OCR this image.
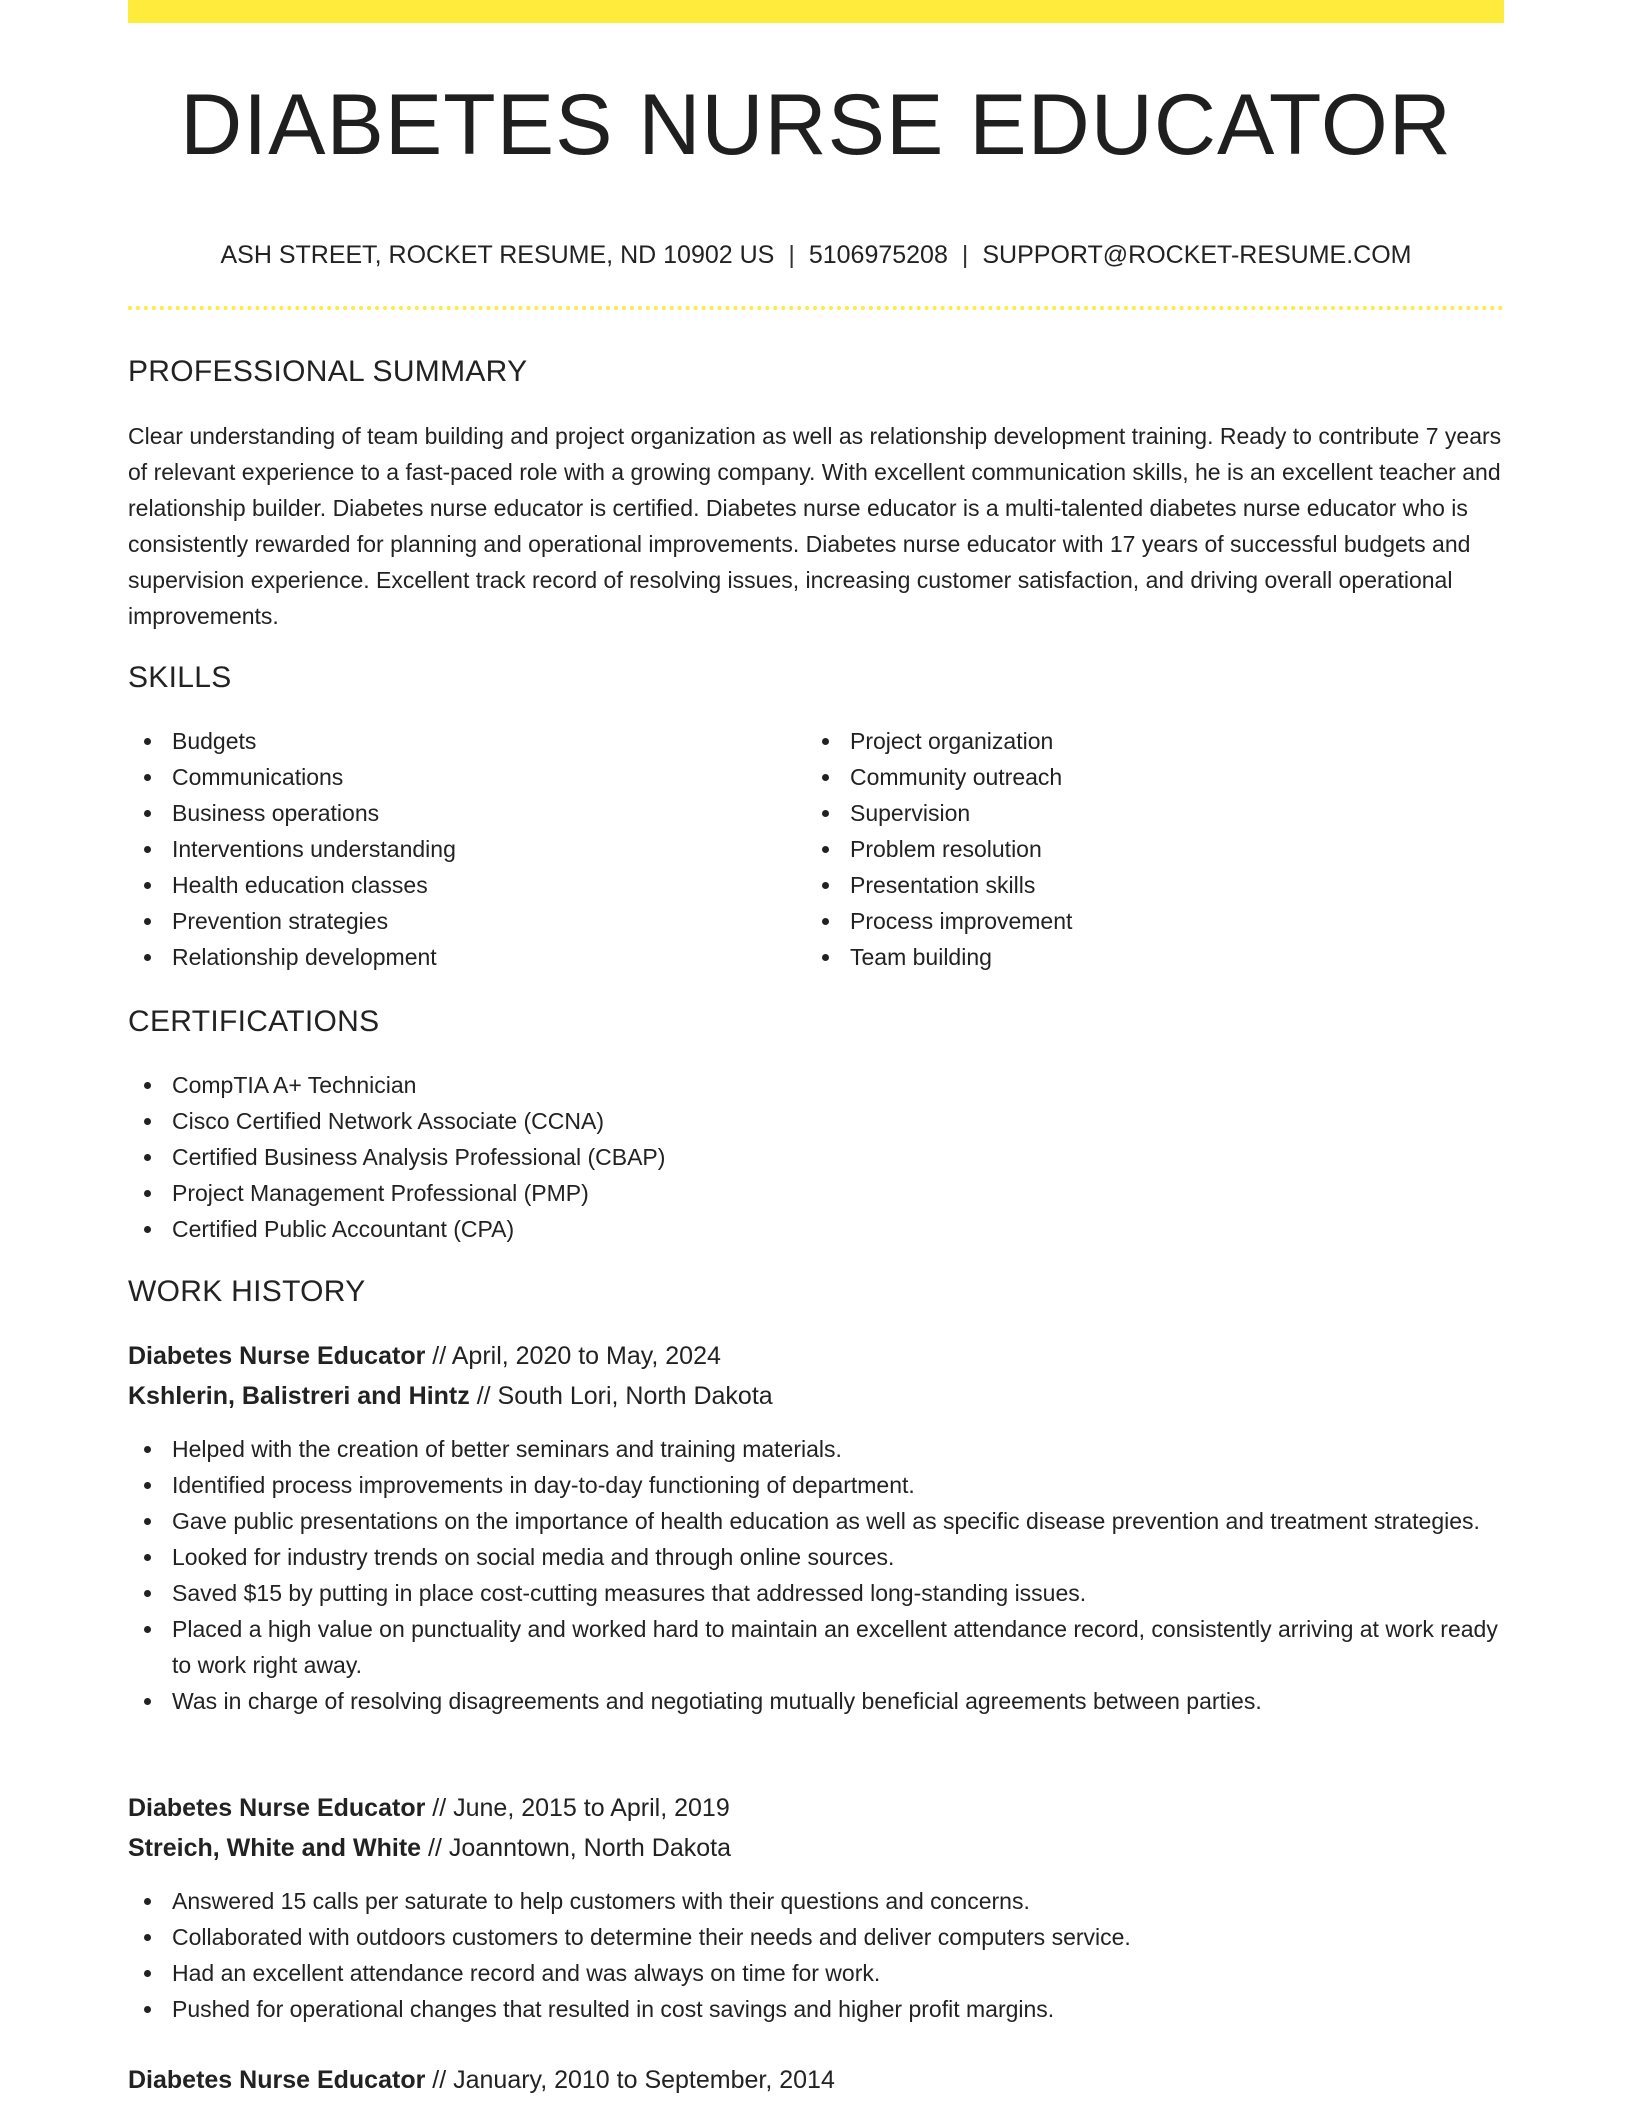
DIABETES NURSE EDUCATOR
ASH STREET, ROCKET RESUME, ND 10902 US | 5106975208 | SUPPORT@ROCKET-RESUME.COM
PROFESSIONAL SUMMARY

Clear understanding of team building and project organization as well as relationship development training. Ready to contribute 7 years of relevant experience to a fast-paced role with a growing company. With excellent communication skills, he is an excellent teacher and relationship builder. Diabetes nurse educator is certified. Diabetes nurse educator is a multi-talented diabetes nurse educator who is consistently rewarded for planning and operational improvements. Diabetes nurse educator with 17 years of successful budgets and supervision experience. Excellent track record of resolving issues, increasing customer satisfaction, and driving overall operational improvements.

SKILLS
Budgets
Communications
Business operations
Interventions understanding
Health education classes
Prevention strategies
Relationship development
Project organization
Community outreach
Supervision
Problem resolution
Presentation skills
Process improvement
Team building
CERTIFICATIONS
CompTIA A+ Technician
Cisco Certified Network Associate (CCNA)
Certified Business Analysis Professional (CBAP)
Project Management Professional (PMP)
Certified Public Accountant (CPA)
WORK HISTORY
Diabetes Nurse Educator // April, 2020 to May, 2024
Kshlerin, Balistreri and Hintz // South Lori, North Dakota
Helped with the creation of better seminars and training materials.
Identified process improvements in day-to-day functioning of department.
Gave public presentations on the importance of health education as well as specific disease prevention and treatment strategies.
Looked for industry trends on social media and through online sources.
Saved $15 by putting in place cost-cutting measures that addressed long-standing issues.
Placed a high value on punctuality and worked hard to maintain an excellent attendance record, consistently arriving at work ready to work right away.
Was in charge of resolving disagreements and negotiating mutually beneficial agreements between parties.
Diabetes Nurse Educator // June, 2015 to April, 2019
Streich, White and White // Joanntown, North Dakota
Answered 15 calls per saturate to help customers with their questions and concerns.
Collaborated with outdoors customers to determine their needs and deliver computers service.
Had an excellent attendance record and was always on time for work.
Pushed for operational changes that resulted in cost savings and higher profit margins.
Diabetes Nurse Educator // January, 2010 to September, 2014
